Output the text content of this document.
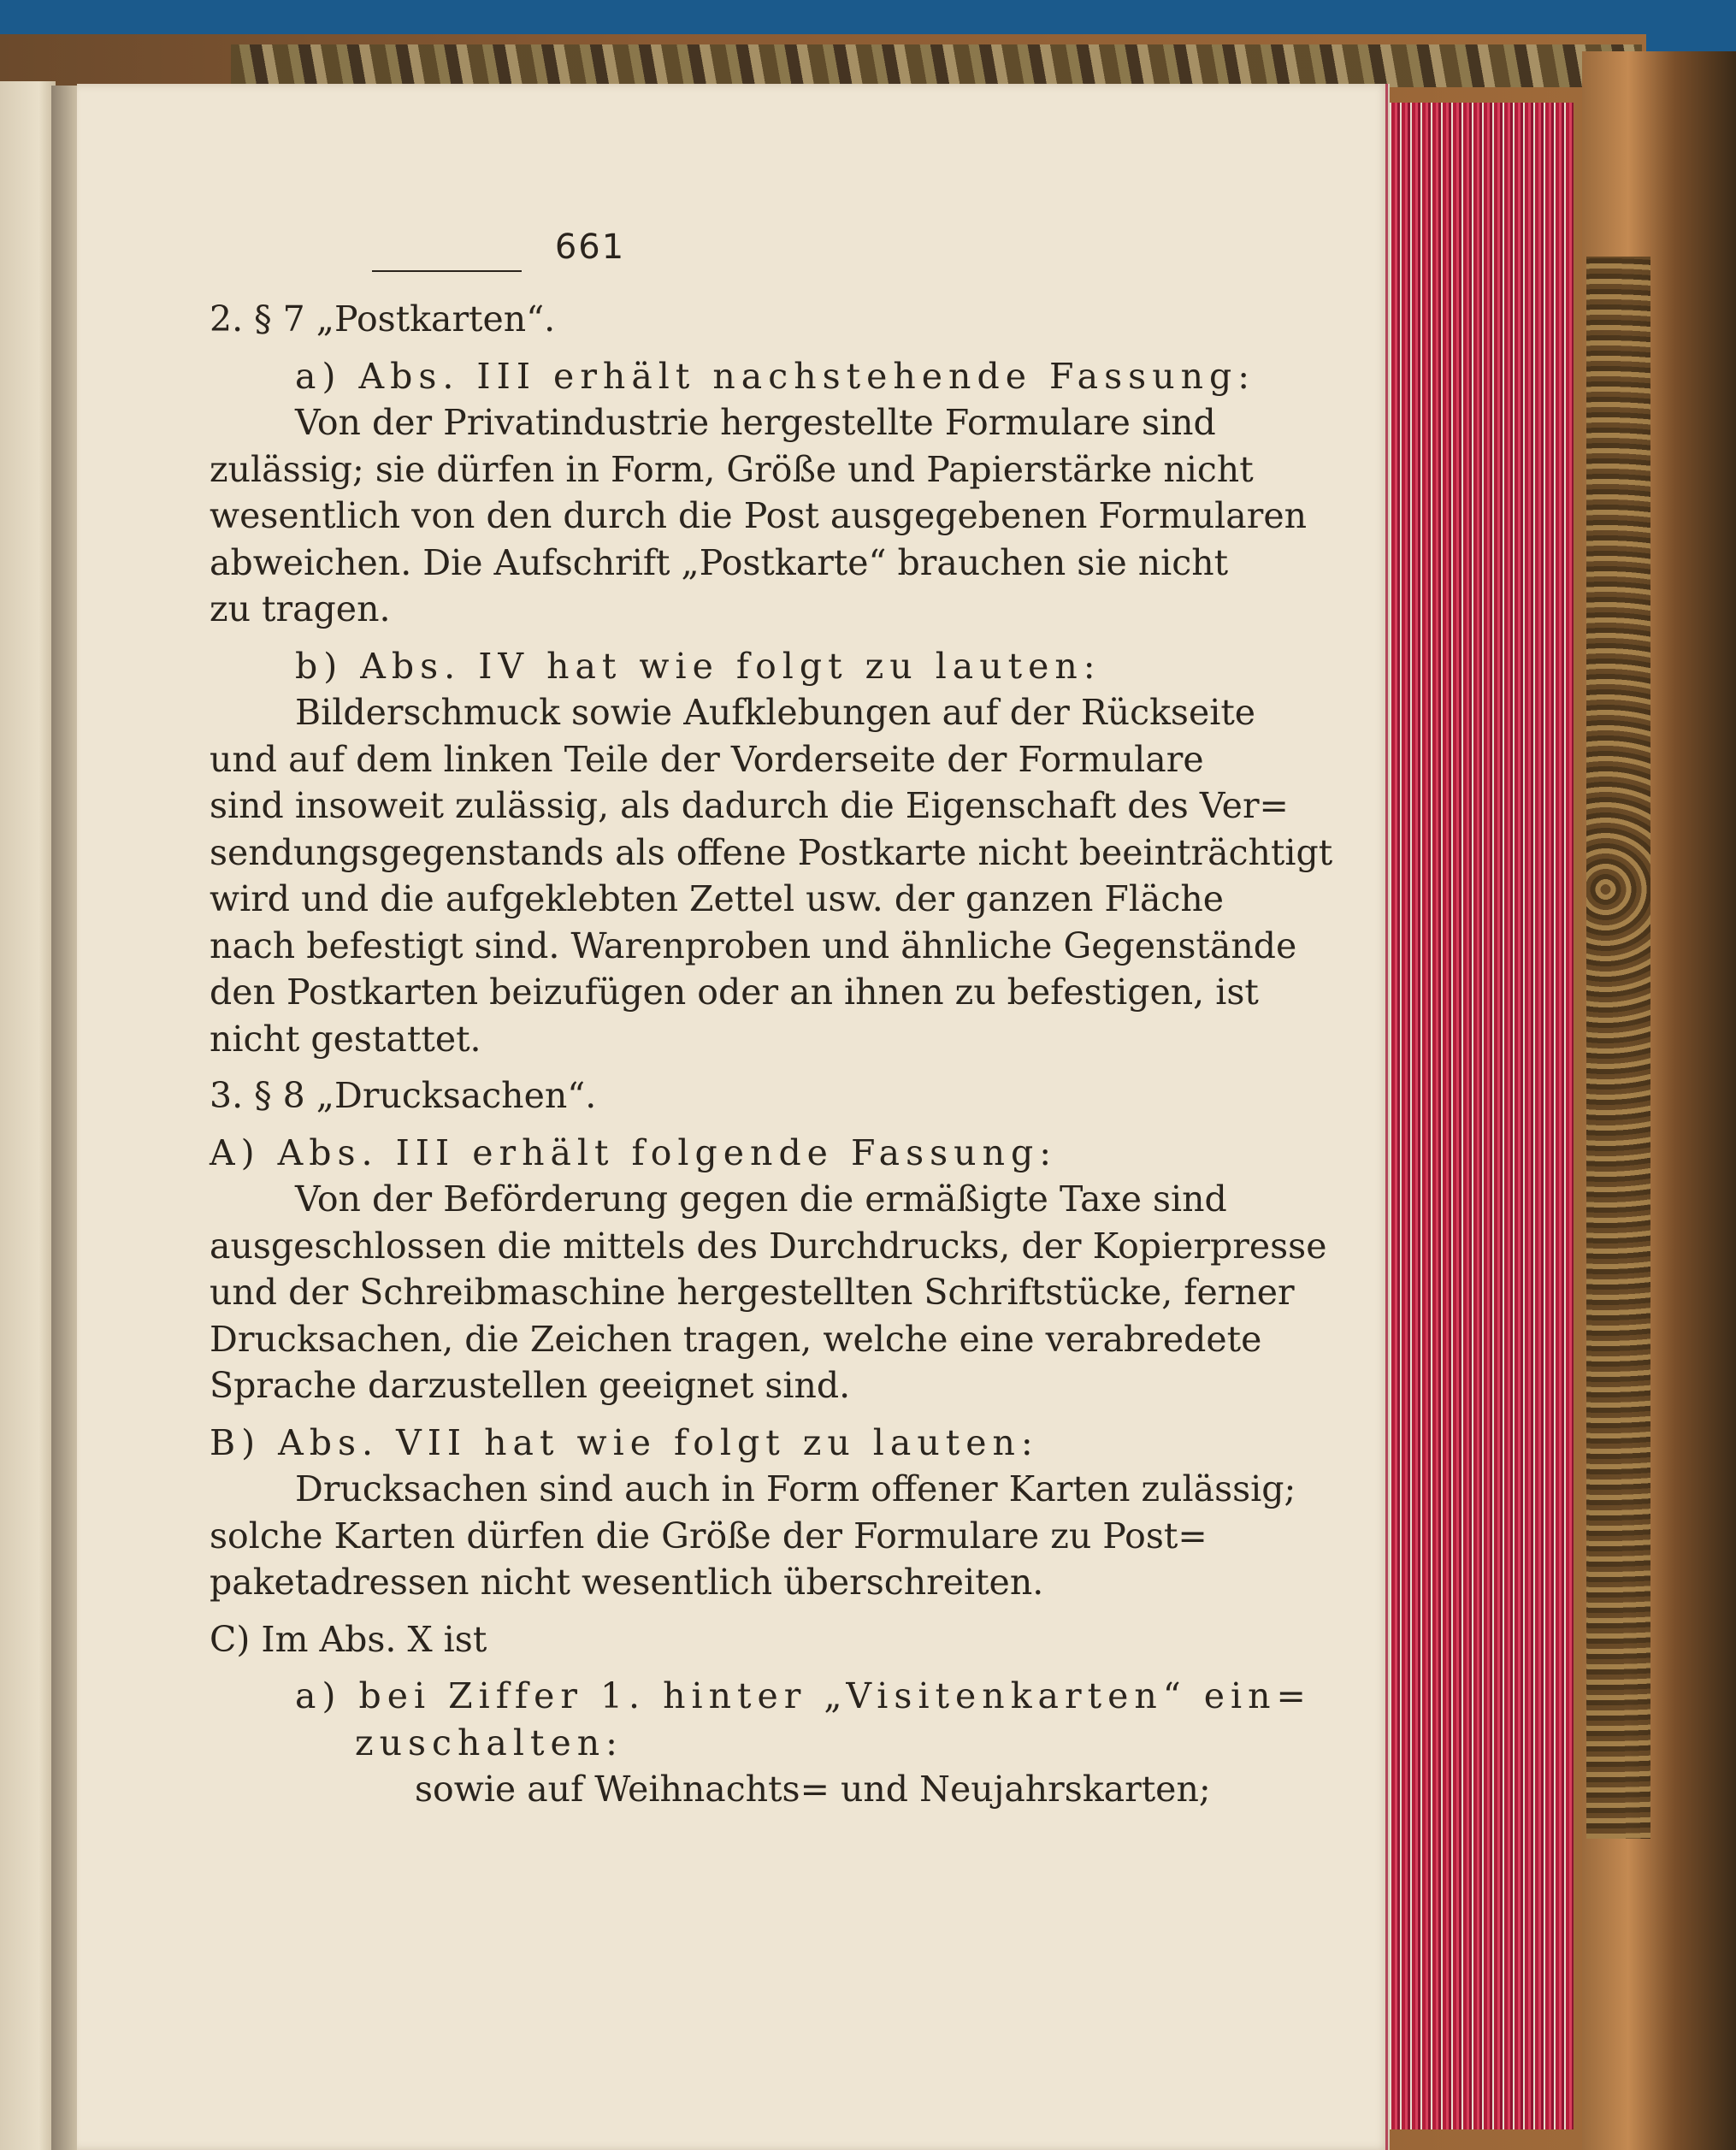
661

2. § 7 „Postkarten“.

a) Abs. III erhält nachstehende Fassung:

Von der Privatindustrie hergestellte Formulare sind

zulässig; sie dürfen in Form, Größe und Papierstärke nicht

wesentlich von den durch die Post ausgegebenen Formularen

abweichen. Die Aufschrift „Postkarte“ brauchen sie nicht

zu tragen.

b) Abs. IV hat wie folgt zu lauten:

Bilderschmuck sowie Aufklebungen auf der Rückseite

und auf dem linken Teile der Vorderseite der Formulare

sind insoweit zulässig, als dadurch die Eigenschaft des Ver=

sendungsgegenstands als offene Postkarte nicht beeinträchtigt

wird und die aufgeklebten Zettel usw. der ganzen Fläche

nach befestigt sind. Warenproben und ähnliche Gegenstände

den Postkarten beizufügen oder an ihnen zu befestigen, ist

nicht gestattet.

3. § 8 „Drucksachen“.

A) Abs. III erhält folgende Fassung:

Von der Beförderung gegen die ermäßigte Taxe sind

ausgeschlossen die mittels des Durchdrucks, der Kopierpresse

und der Schreibmaschine hergestellten Schriftstücke, ferner

Drucksachen, die Zeichen tragen, welche eine verabredete

Sprache darzustellen geeignet sind.

B) Abs. VII hat wie folgt zu lauten:

Drucksachen sind auch in Form offener Karten zulässig;

solche Karten dürfen die Größe der Formulare zu Post=

paketadressen nicht wesentlich überschreiten.

C) Im Abs. X ist

a) bei Ziffer 1. hinter „Visitenkarten“ ein=

zuschalten:

sowie auf Weihnachts= und Neujahrskarten;
